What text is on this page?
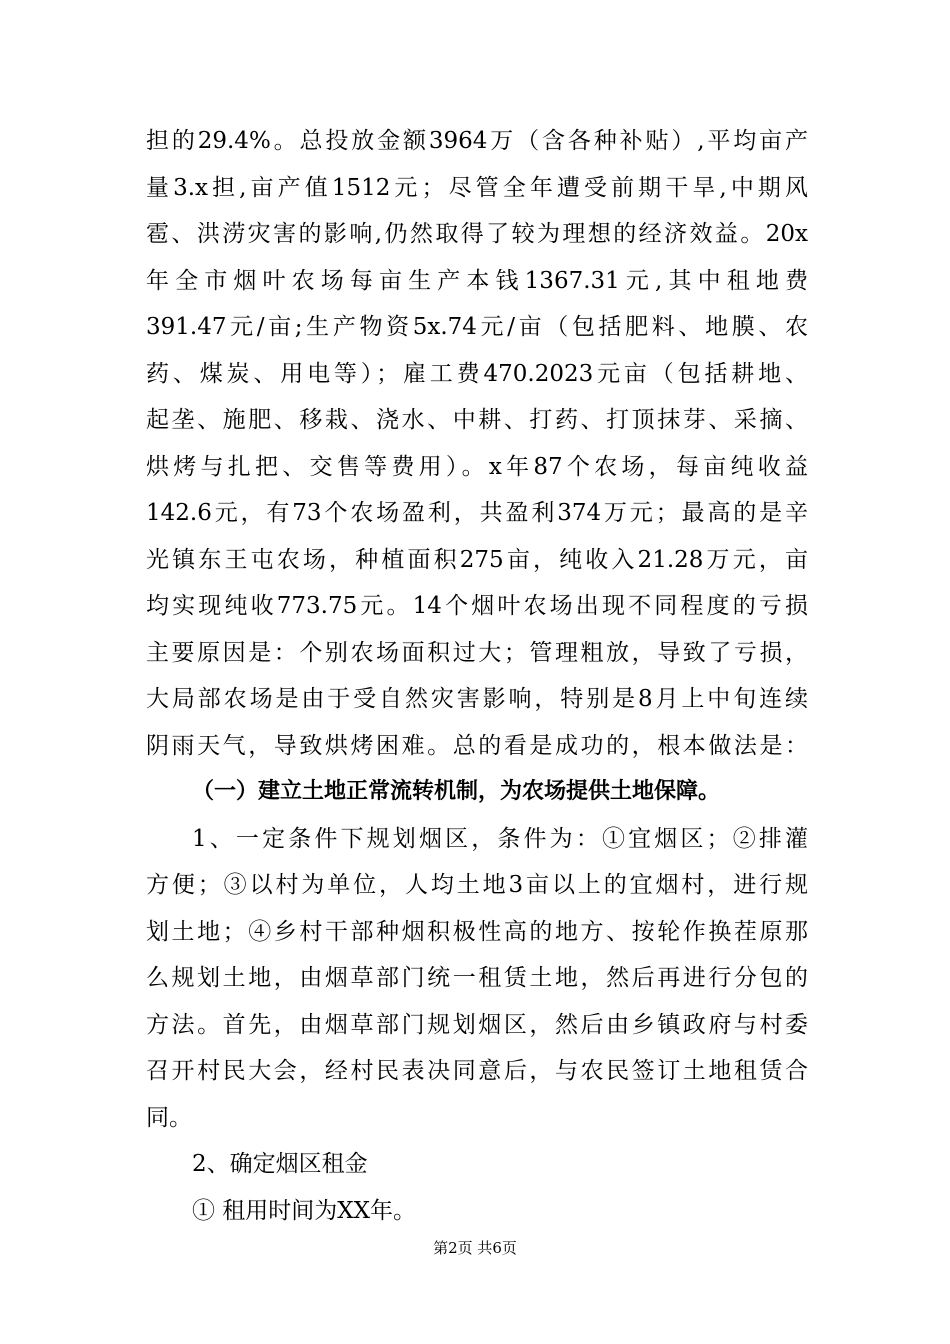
担的29.4%。总投放金额3964万（含各种补贴）,平均亩产
量3.x担,亩产值1512元；尽管全年遭受前期干旱,中期风
雹、洪涝灾害的影响,仍然取得了较为理想的经济效益。20x
年全市烟叶农场每亩生产本钱1367.31元,其中租地费
391.47元/亩;生产物资5x.74元/亩（包括肥料、地膜、农
药、煤炭、用电等）；雇工费470.2023元亩（包括耕地、
起垄、施肥、移栽、浇水、中耕、打药、打顶抹芽、采摘、
烘烤与扎把、交售等费用）。x年87个农场，每亩纯收益
142.6元，有73个农场盈利，共盈利374万元；最高的是辛
光镇东王屯农场，种植面积275亩，纯收入21.28万元，亩
均实现纯收773.75元。14个烟叶农场出现不同程度的亏损
主要原因是：个别农场面积过大；管理粗放，导致了亏损，
大局部农场是由于受自然灾害影响，特别是8月上中旬连续
阴雨天气，导致烘烤困难。总的看是成功的，根本做法是：
（一）建立土地正常流转机制，为农场提供土地保障。
1、一定条件下规划烟区，条件为：①宜烟区；②排灌
方便；③以村为单位，人均土地3亩以上的宜烟村，进行规
划土地；④乡村干部种烟积极性高的地方、按轮作换茬原那
么规划土地，由烟草部门统一租赁土地，然后再进行分包的
方法。首先，由烟草部门规划烟区，然后由乡镇政府与村委
召开村民大会，经村民表决同意后，与农民签订土地租赁合
同。
2、确定烟区租金
① 租用时间为XX年。
第2页 共6页
